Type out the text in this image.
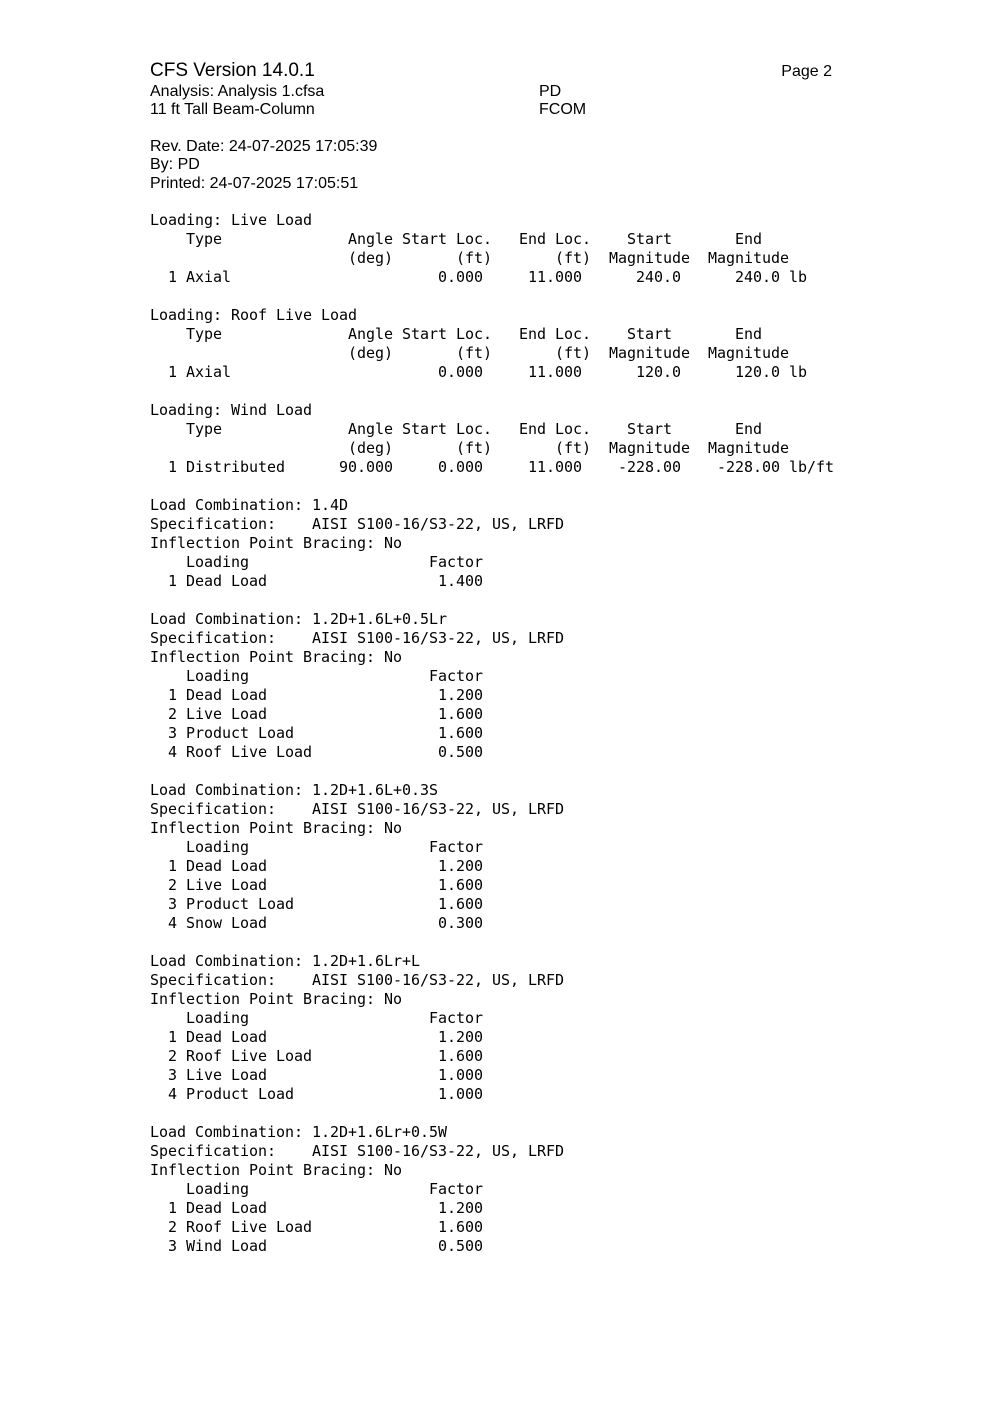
CFS Version 14.0.1	Page 2
Analysis: Analysis 1.cfsa
11 ft Tall Beam-Column
PD
FCOM
Rev. Date: 24-07-2025 17:05:39
By: PD
Printed: 24-07-2025 17:05:51
Loading: Live Load
Type              Angle Start Loc.   End Loc.    Start       End
(deg)       (ft)       (ft)  Magnitude  Magnitude
1 Axial                       0.000     11.000      240.0      240.0 lb
Loading: Roof Live Load
Type              Angle Start Loc.   End Loc.    Start       End
(deg)       (ft)       (ft)  Magnitude  Magnitude
1 Axial                       0.000     11.000      120.0      120.0 lb
Loading: Wind Load
Type              Angle Start Loc.   End Loc.    Start       End
(deg)       (ft)       (ft)  Magnitude  Magnitude
1 Distributed      90.000     0.000     11.000    -228.00    -228.00 lb/ft
Load Combination: 1.4D
Specification:    AISI S100-16/S3-22, US, LRFD
Inflection Point Bracing: No
Loading                    Factor
1 Dead Load                   1.400
Load Combination: 1.2D+1.6L+0.5Lr
Specification:    AISI S100-16/S3-22, US, LRFD
Inflection Point Bracing: No
Loading                    Factor
1 Dead Load                   1.200
2 Live Load                   1.600
3 Product Load                1.600
4 Roof Live Load              0.500
Load Combination: 1.2D+1.6L+0.3S
Specification:    AISI S100-16/S3-22, US, LRFD
Inflection Point Bracing: No
Loading                    Factor
1 Dead Load                   1.200
2 Live Load                   1.600
3 Product Load                1.600
4 Snow Load                   0.300
Load Combination: 1.2D+1.6Lr+L
Specification:    AISI S100-16/S3-22, US, LRFD
Inflection Point Bracing: No
Loading                    Factor
1 Dead Load                   1.200
2 Roof Live Load              1.600
3 Live Load                   1.000
4 Product Load                1.000
Load Combination: 1.2D+1.6Lr+0.5W
Specification:    AISI S100-16/S3-22, US, LRFD
Inflection Point Bracing: No
Loading                    Factor
1 Dead Load                   1.200
2 Roof Live Load              1.600
3 Wind Load                   0.500
